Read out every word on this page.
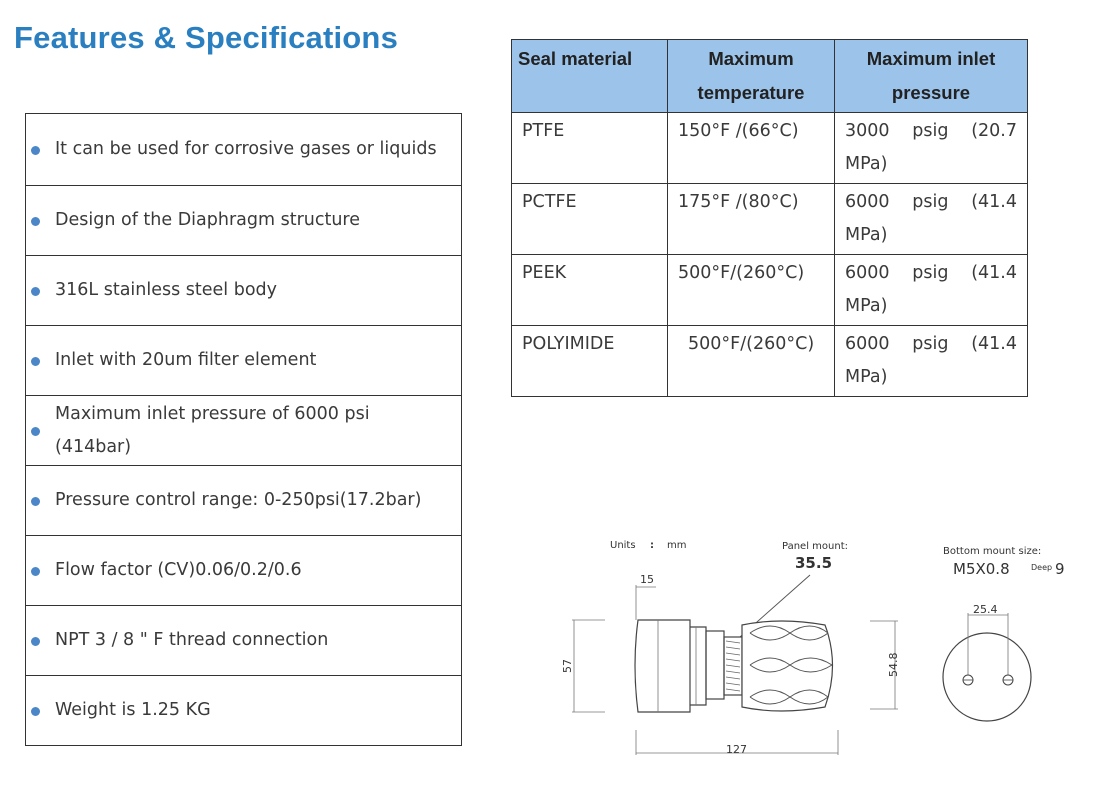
Features & Specifications
It can be used for corrosive gases or liquids
Design of the Diaphragm structure
316L stainless steel body
Inlet with 20um filter element
Maximum inlet pressure of 6000 psi (414bar)
Pressure control range: 0-250psi(17.2bar)
Flow factor (CV)0.06/0.2/0.6
NPT 3 / 8 " F thread connection
Weight is 1.25 KG
Seal material	Maximum temperature	Maximum inlet pressure
PTFE	150°F /(66°C)	3000 psig (20.7 MPa)
PCTFE	175°F /(80°C)	6000 psig (41.4 MPa)
PEEK	500°F/(260°C)	6000 psig (41.4 MPa)
POLYIMIDE	500°F/(260°C)	6000 psig (41.4 MPa)
Units : mm	Panel mount:
35.5
Bottom mount size:
M5X0.8	Deep 9
15
57	54.8
127
25.4
